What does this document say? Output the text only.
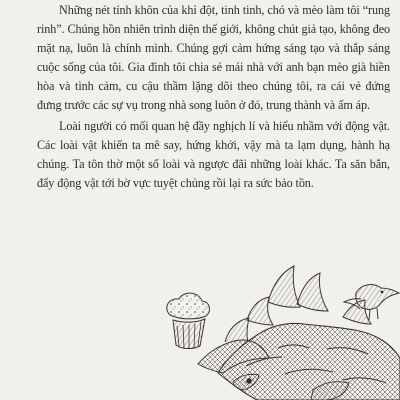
Những nét tính khôn của khỉ đột, tinh tinh, chó và mèo làm tôi “rung rinh”. Chúng hồn nhiên trình diện thế giới, không chút giả tạo, không đeo mặt nạ, luôn là chính mình. Chúng gợi cảm hứng sáng tạo và thắp sáng cuộc sống của tôi. Gia đình tôi chia sẻ mái nhà với anh bạn mèo già hiền hòa và tình cảm, cu cậu thầm lặng dõi theo chúng tôi, ra cái vẻ đứng đưng trước các sự vụ trong nhà song luôn ở đó, trung thành và ấm áp.

Loài người có mối quan hệ đầy nghịch lí và hiểu nhầm với động vật. Các loài vật khiến ta mê say, hứng khởi, vậy mà ta lạm dụng, hành hạ chúng. Ta tôn thờ một số loài và ngược đãi những loài khác. Ta săn bắn, đẩy động vật tới bờ vực tuyệt chủng rồi lại ra sức bảo tồn.
